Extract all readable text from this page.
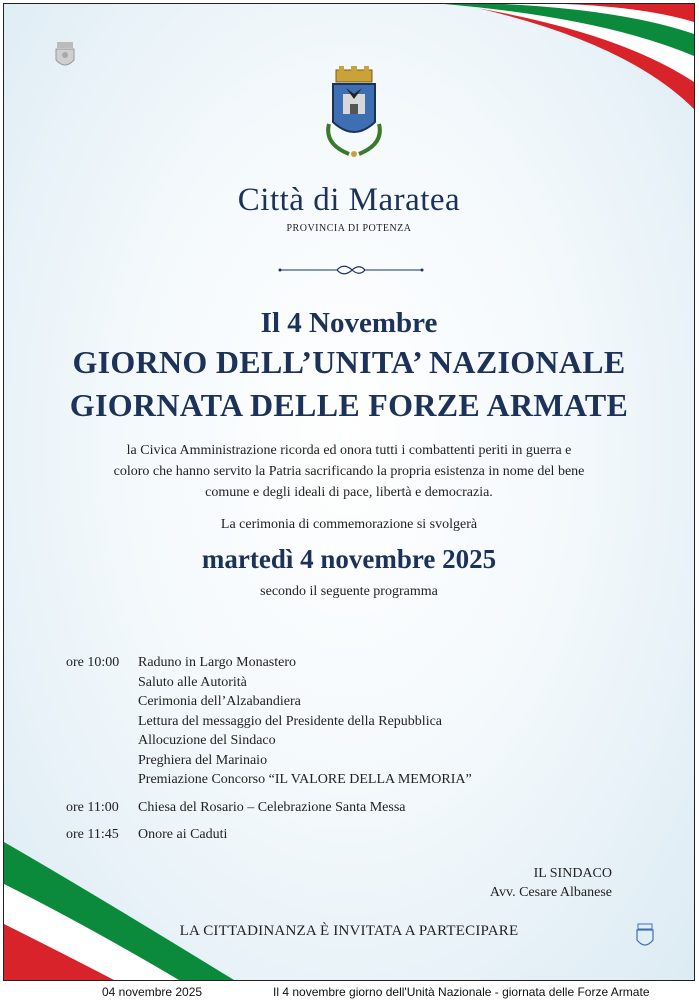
Città di Maratea
PROVINCIA DI POTENZA
Il 4 Novembre
GIORNO DELL’UNITA’ NAZIONALE
GIORNATA DELLE FORZE ARMATE
la Civica Amministrazione ricorda ed onora tutti i combattenti periti in guerra e
coloro che hanno servito la Patria sacrificando la propria esistenza in nome del bene
comune e degli ideali di pace, libertà e democrazia.
La cerimonia di commemorazione si svolgerà
martedì 4 novembre 2025
secondo il seguente programma
ore 10:00 Raduno in Largo Monastero
Saluto alle Autorità
Cerimonia dell’Alzabandiera
Lettura del messaggio del Presidente della Repubblica
Allocuzione del Sindaco
Preghiera del Marinaio
Premiazione Concorso “IL VALORE DELLA MEMORIA”
ore 11:00 Chiesa del Rosario – Celebrazione Santa Messa
ore 11:45 Onore ai Caduti
IL SINDACO
Avv. Cesare Albanese
LA CITTADINANZA È INVITATA A PARTECIPARE
04 novembre 2025	Il 4 novembre giorno dell'Unità Nazionale - giornata delle Forze Armate
